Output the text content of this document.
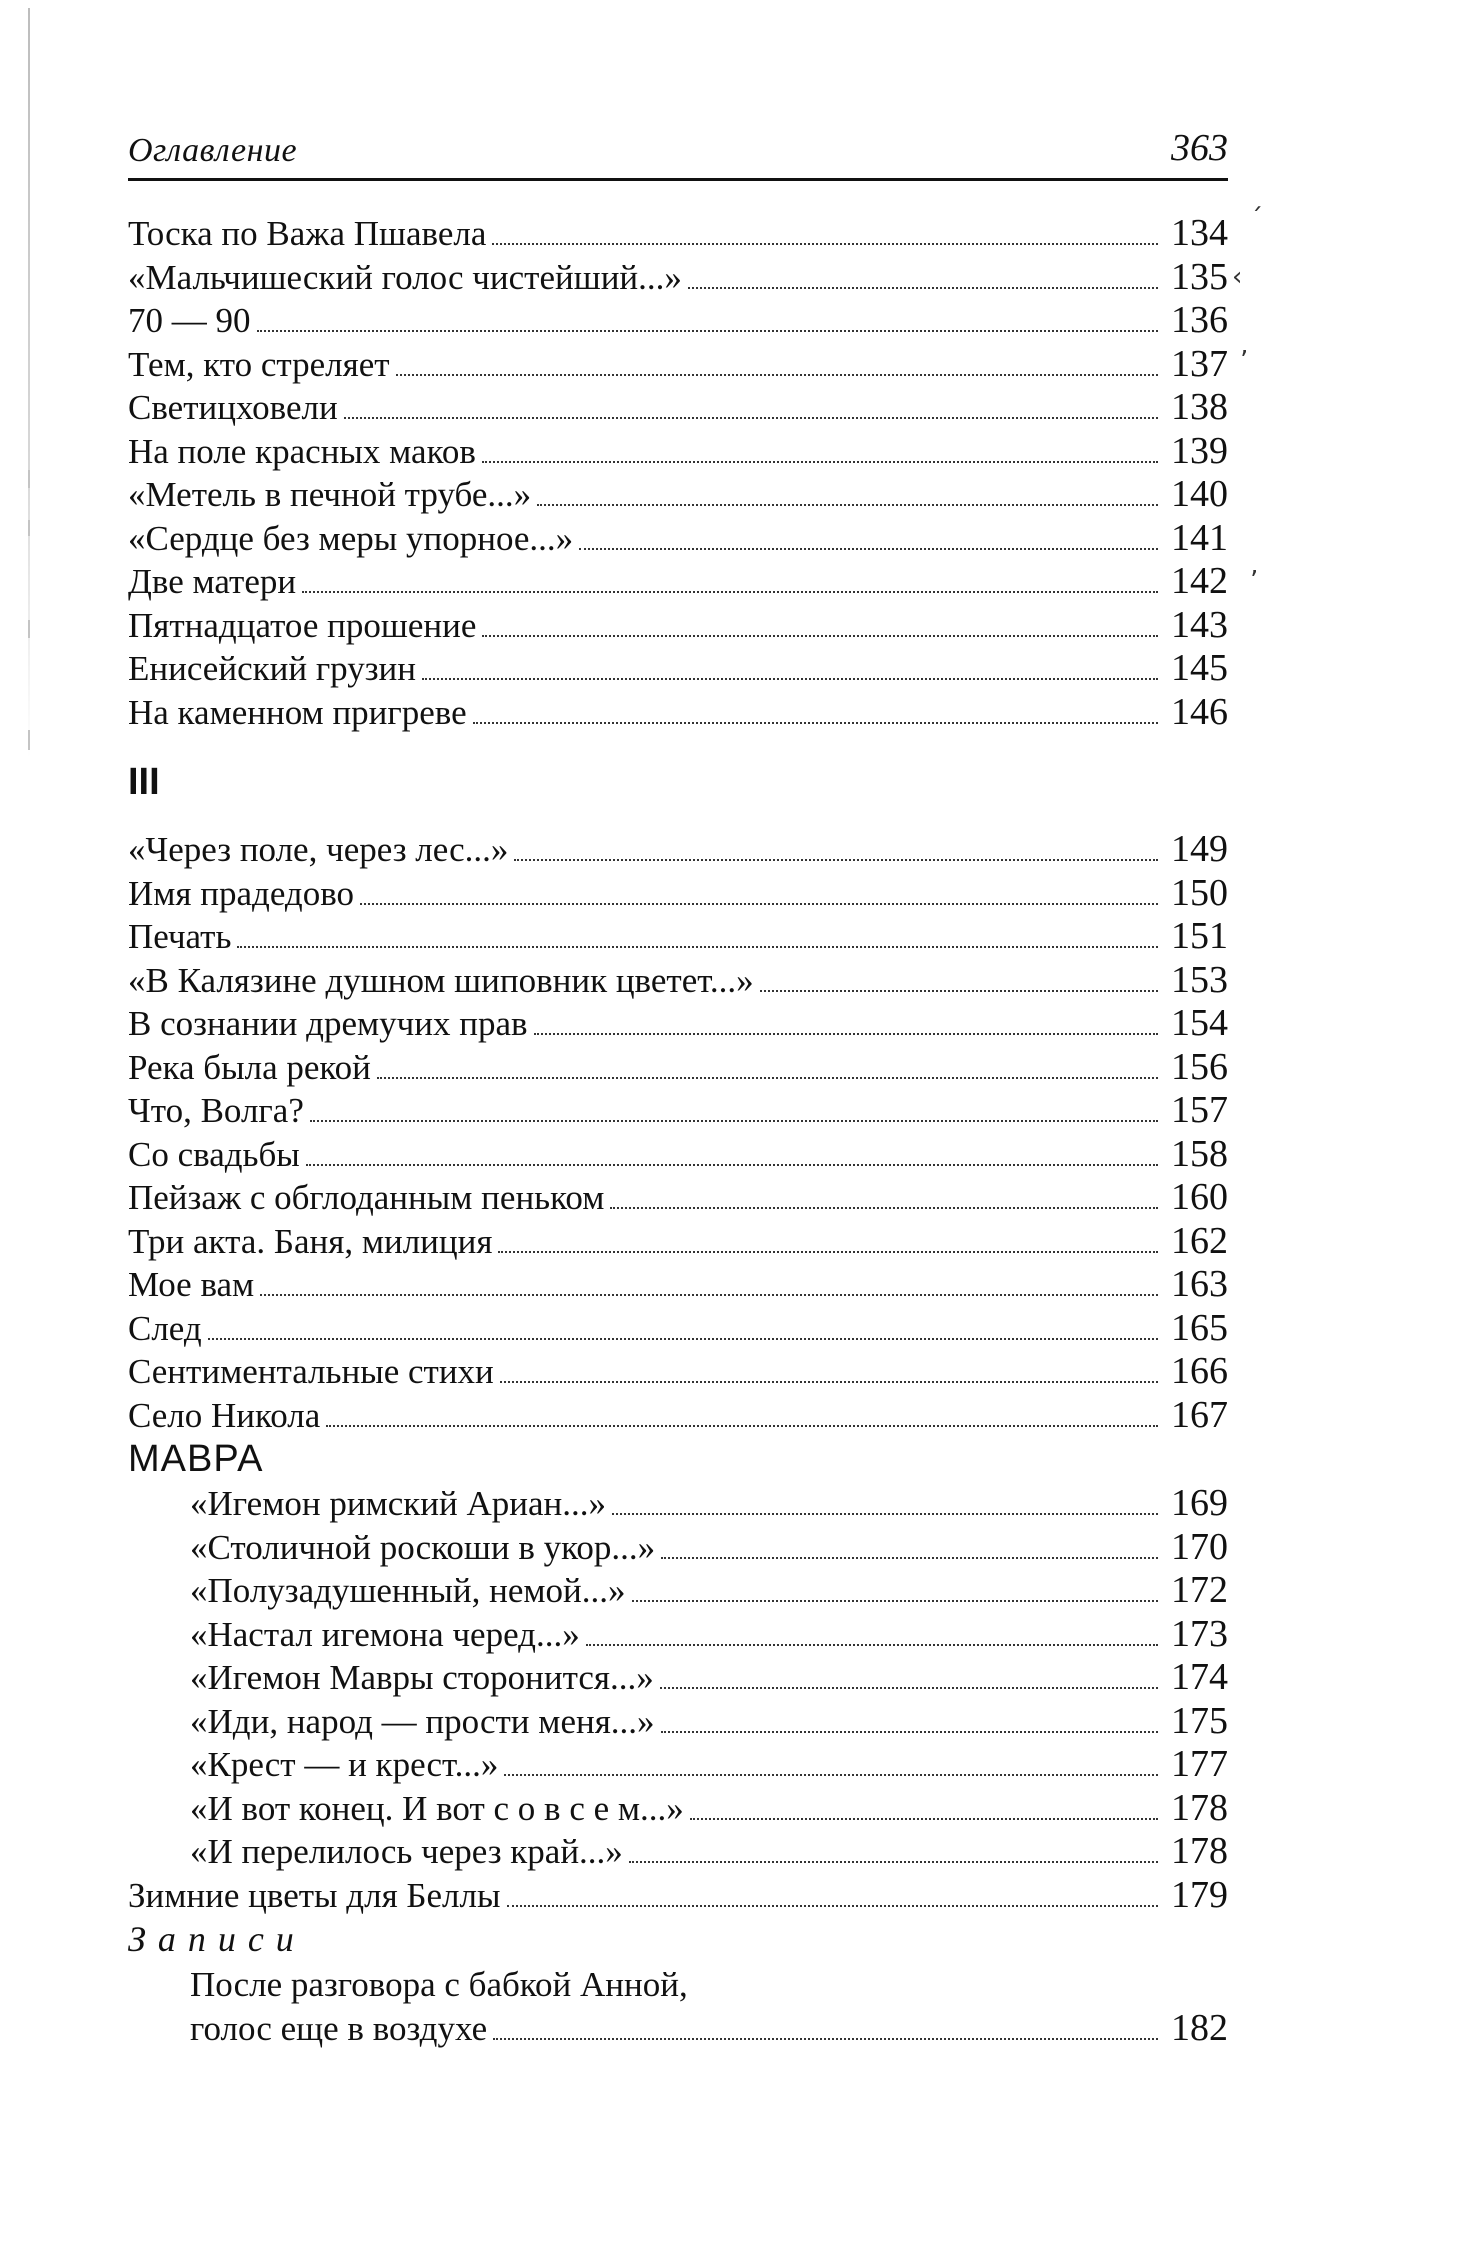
Оглавление	363
Тоска по Важа Пшавела	134
«Мальчишеский голос чистейший...»	135
70 — 90	136
Тем, кто стреляет	137
Светицховели	138
На поле красных маков	139
«Метель в печной трубе...»	140
«Сердце без меры упорное...»	141
Две матери	142
Пятнадцатое прошение	143
Енисейский грузин	145
На каменном пригреве	146
III
«Через поле, через лес...»	149
Имя прадедово	150
Печать	151
«В Калязине душном шиповник цветет...»	153
В сознании дремучих прав	154
Река была рекой	156
Что, Волга?	157
Со свадьбы	158
Пейзаж с обглоданным пеньком	160
Три акта. Баня, милиция	162
Мое вам	163
След	165
Сентиментальные стихи	166
Село Никола	167
МАВРА
«Игемон римский Ариан...»	169
«Столичной роскоши в укор...»	170
«Полузадушенный, немой...»	172
«Настал игемона черед...»	173
«Игемон Мавры сторонится...»	174
«Иди, народ — прости меня...»	175
«Крест — и крест...»	177
«И вот конец. И вот с о в с е м...»	178
«И перелилось через край...»	178
Зимние цветы для Беллы	179
Записи
После разговора с бабкой Анной,
голос еще в воздухе	182
´
‹
ʼ
ʼ
